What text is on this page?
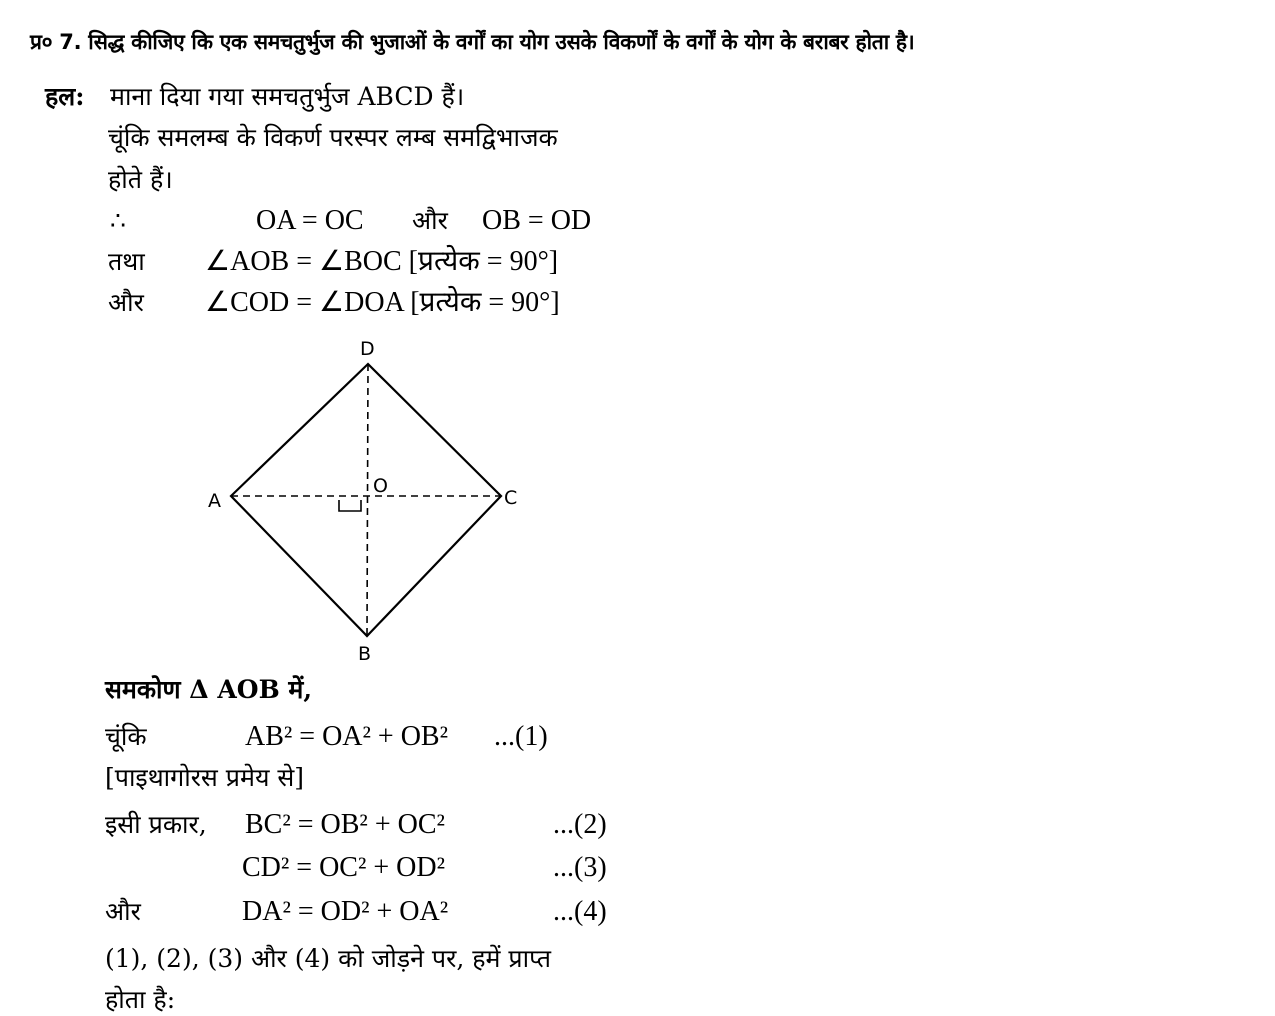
प्र० 7. सिद्ध कीजिए कि एक समचतुर्भुज की भुजाओं के वर्गों का योग उसके विकर्णों के वर्गों के योग के बराबर होता है।
हल: माना दिया गया समचतुर्भुज ABCD हैं।
चूंकि समलम्ब के विकर्ण परस्पर लम्ब समद्विभाजक
होते हैं।
∴	OA = OC और OB = OD
तथा ∠AOB = ∠BOC [प्रत्येक = 90°]
और ∠COD = ∠DOA [प्रत्येक = 90°]
A
D
C
B
O
समकोण Δ AOB में,
चूंकि	AB² = OA² + OB² ...(1)
[पाइथागोरस प्रमेय से]
इसी प्रकार, BC² = OB² + OC²	...(2)
CD² = OC² + OD²	...(3)
और	DA² = OD² + OA²	...(4)
(1), (2), (3) और (4) को जोड़ने पर, हमें प्राप्त
होता है:
